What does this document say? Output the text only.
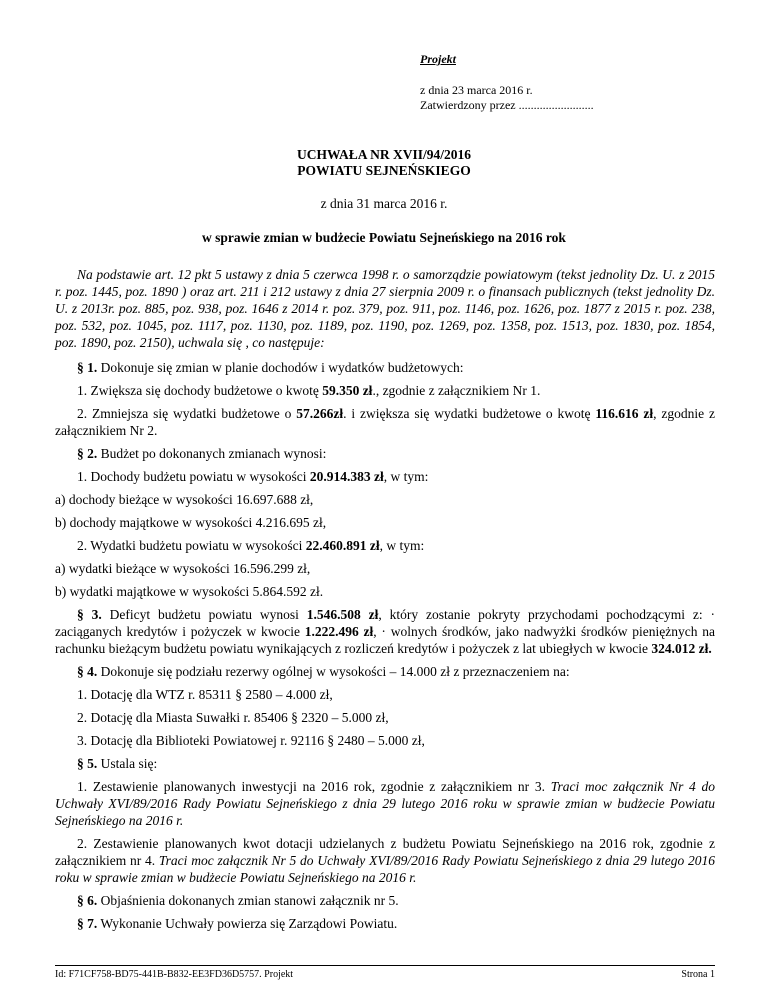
Projekt
z dnia 23 marca 2016 r.
Zatwierdzony przez .........................
UCHWAŁA NR XVII/94/2016
POWIATU SEJNEŃSKIEGO
z dnia 31 marca 2016 r.
w sprawie zmian w budżecie Powiatu Sejneńskiego na 2016 rok

Na podstawie art. 12 pkt 5 ustawy z dnia 5 czerwca 1998 r. o samorządzie powiatowym (tekst jednolity Dz. U. z 2015 r. poz. 1445, poz. 1890 ) oraz art. 211 i 212 ustawy z dnia 27 sierpnia 2009 r. o finansach publicznych (tekst jednolity Dz. U. z 2013r. poz. 885, poz. 938, poz. 1646 z 2014 r. poz. 379, poz. 911, poz. 1146, poz. 1626, poz. 1877 z 2015 r. poz. 238, poz. 532, poz. 1045, poz. 1117, poz. 1130, poz. 1189, poz. 1190, poz. 1269, poz. 1358, poz. 1513, poz. 1830, poz. 1854, poz. 1890, poz. 2150), uchwala się , co następuje:

§ 1. Dokonuje się zmian w planie dochodów i wydatków budżetowych:

1. Zwiększa się dochody budżetowe o kwotę 59.350 zł., zgodnie z załącznikiem Nr 1.

2. Zmniejsza się wydatki budżetowe o 57.266zł. i zwiększa się wydatki budżetowe o kwotę 116.616 zł, zgodnie z załącznikiem Nr 2.

§ 2. Budżet po dokonanych zmianach wynosi:

1. Dochody budżetu powiatu w wysokości 20.914.383 zł, w tym:

a) dochody bieżące w wysokości 16.697.688 zł,

b) dochody majątkowe w wysokości 4.216.695 zł,

2. Wydatki budżetu powiatu w wysokości 22.460.891 zł, w tym:

a) wydatki bieżące w wysokości 16.596.299 zł,

b) wydatki majątkowe w wysokości 5.864.592 zł.

§ 3. Deficyt budżetu powiatu wynosi 1.546.508 zł, który zostanie pokryty przychodami pochodzącymi z: · zaciąganych kredytów i pożyczek w kwocie 1.222.496 zł, · wolnych środków, jako nadwyżki środków pieniężnych na rachunku bieżącym budżetu powiatu wynikających z rozliczeń kredytów i pożyczek z lat ubiegłych w kwocie 324.012 zł.

§ 4. Dokonuje się podziału rezerwy ogólnej w wysokości – 14.000 zł z przeznaczeniem na:

1. Dotację dla WTZ r. 85311 § 2580 – 4.000 zł,

2. Dotację dla Miasta Suwałki r. 85406 § 2320 – 5.000 zł,

3. Dotację dla Biblioteki Powiatowej r. 92116 § 2480 – 5.000 zł,

§ 5. Ustala się:

1. Zestawienie planowanych inwestycji na 2016 rok, zgodnie z załącznikiem nr 3. Traci moc załącznik Nr 4 do Uchwały XVI/89/2016 Rady Powiatu Sejneńskiego z dnia 29 lutego 2016 roku w sprawie zmian w budżecie Powiatu Sejneńskiego na 2016 r.

2. Zestawienie planowanych kwot dotacji udzielanych z budżetu Powiatu Sejneńskiego na 2016 rok, zgodnie z załącznikiem nr 4. Traci moc załącznik Nr 5 do Uchwały XVI/89/2016 Rady Powiatu Sejneńskiego z dnia 29 lutego 2016 roku w sprawie zmian w budżecie Powiatu Sejneńskiego na 2016 r.

§ 6. Objaśnienia dokonanych zmian stanowi załącznik nr 5.

§ 7. Wykonanie Uchwały powierza się Zarządowi Powiatu.

Id: F71CF758-BD75-441B-B832-EE3FD36D5757. Projekt	Strona 1
